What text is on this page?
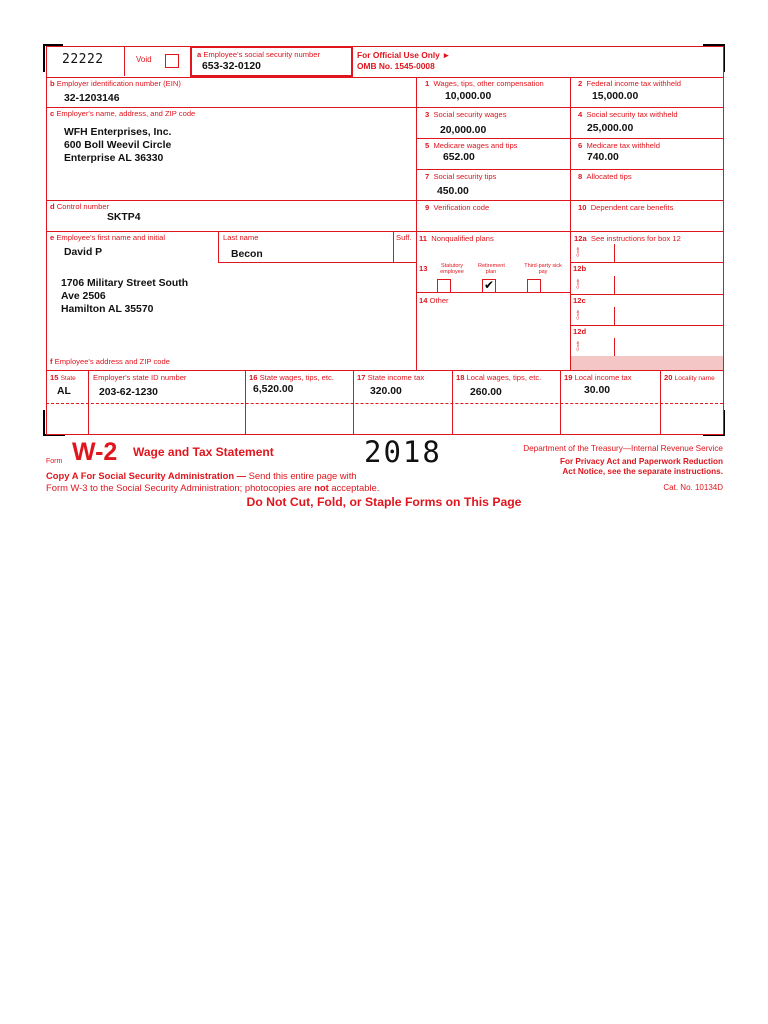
22222	Void
a Employee's social security number
653-32-0120
For Official Use Only ►
OMB No. 1545-0008
b Employer identification number (EIN)
32-1203146
c Employer's name, address, and ZIP code
WFH Enterprises, Inc.
600 Boll Weevil Circle
Enterprise AL 36330
d Control number
SKTP4
e Employee's first name and initial
David P
Last name
Becon
Suff.
1706 Military Street South
Ave 2506
Hamilton AL 35570
f Employee's address and ZIP code
1 Wages, tips, other compensation
10,000.00
2 Federal income tax withheld
15,000.00
3 Social security wages
20,000.00
4 Social security tax withheld
25,000.00
5 Medicare wages and tips
652.00
6 Medicare tax withheld
740.00
7 Social security tips
450.00
8 Allocated tips
9 Verification code	10 Dependent care benefits
11 Nonqualified plans	12a See instructions for box 12
Code
12b
Code
12c
Code
12d
Code
13	Statutory employee
Retirement plan
Third-party sick pay
✔
14 Other
15 State Employer's state ID number
AL	203-62-1230
16 State wages, tips, etc.
6,520.00
17 State income tax
320.00
18 Local wages, tips, etc.
260.00
19 Local income tax
30.00
20 Locality name
Form W-2 Wage and Tax Statement	2018	Department of the Treasury—Internal Revenue Service
For Privacy Act and Paperwork Reduction
Act Notice, see the separate instructions.
Copy A For Social Security Administration — Send this entire page with
Form W-3 to the Social Security Administration; photocopies are not acceptable.	Cat. No. 10134D
Do Not Cut, Fold, or Staple Forms on This Page
